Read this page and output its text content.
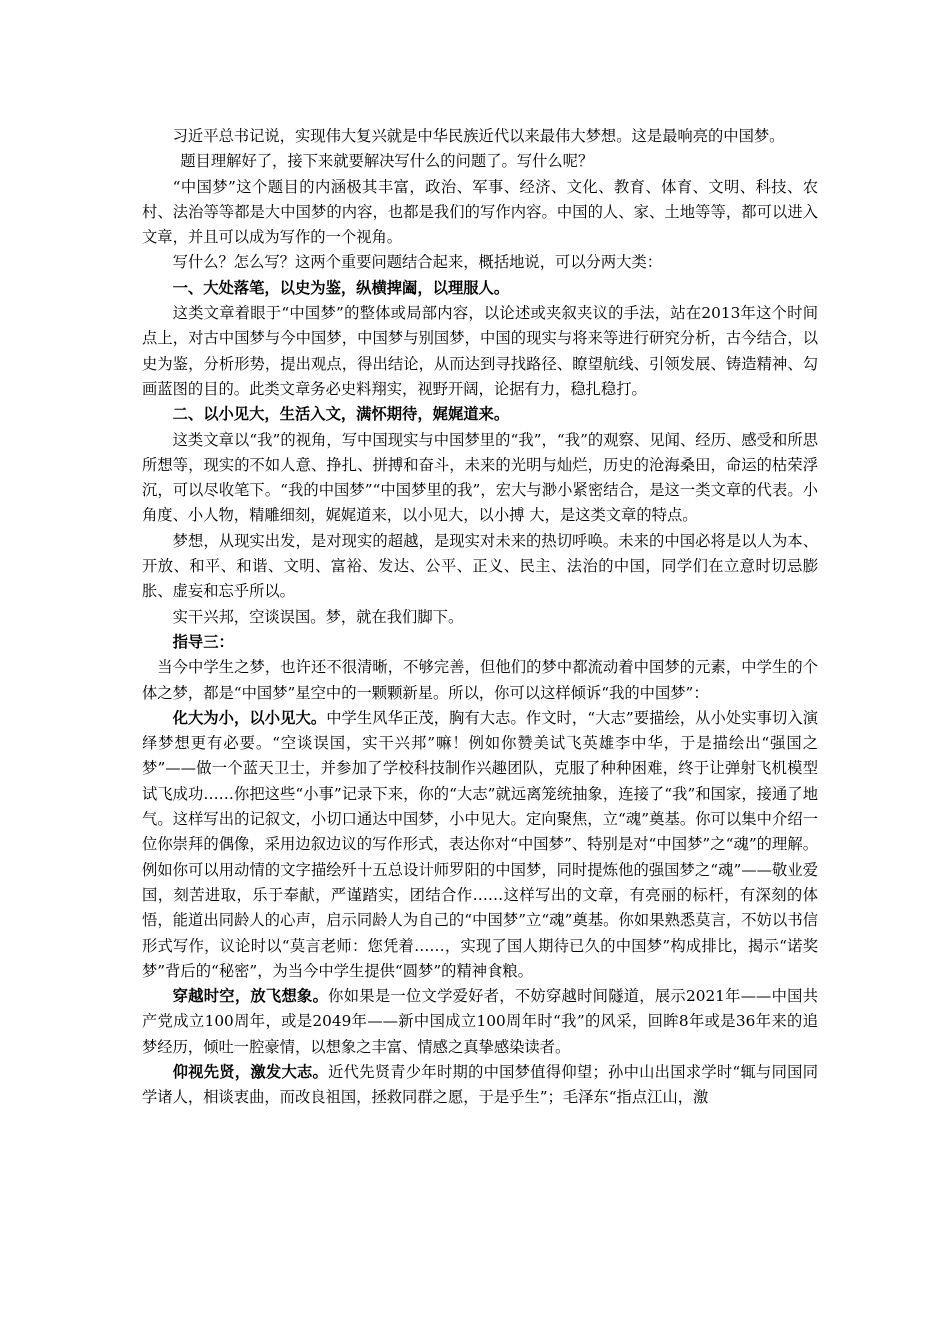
习近平总书记说，实现伟大复兴就是中华民族近代以来最伟大梦想。这是最响亮的中国梦。

题目理解好了，接下来就要解决写什么的问题了。写什么呢？

“中国梦”这个题目的内涵极其丰富，政治、军事、经济、文化、教育、体育、文明、科技、农村、法治等等都是大中国梦的内容，也都是我们的写作内容。中国的人、家、土地等等，都可以进入文章，并且可以成为写作的一个视角。

写什么？怎么写？这两个重要问题结合起来，概括地说，可以分两大类：

一、大处落笔，以史为鉴，纵横捭阖，以理服人。

这类文章着眼于“中国梦”的整体或局部内容，以论述或夹叙夹议的手法，站在2013年这个时间点上，对古中国梦与今中国梦，中国梦与别国梦，中国的现实与将来等进行研究分析，古今结合，以史为鉴，分析形势，提出观点，得出结论，从而达到寻找路径、瞭望航线、引领发展、铸造精神、勾画蓝图的目的。此类文章务必史料翔实，视野开阔，论据有力，稳扎稳打。

二、以小见大，生活入文，满怀期待，娓娓道来。

这类文章以“我”的视角，写中国现实与中国梦里的“我”，“我”的观察、见闻、经历、感受和所思所想等，现实的不如人意、挣扎、拼搏和奋斗，未来的光明与灿烂，历史的沧海桑田，命运的枯荣浮沉，可以尽收笔下。“我的中国梦”“中国梦里的我”，宏大与渺小紧密结合，是这一类文章的代表。小角度、小人物，精雕细刻，娓娓道来，以小见大，以小搏 大，是这类文章的特点。

梦想，从现实出发，是对现实的超越，是现实对未来的热切呼唤。未来的中国必将是以人为本、开放、和平、和谐、文明、富裕、发达、公平、正义、民主、法治的中国，同学们在立意时切忌膨胀、虚妄和忘乎所以。

实干兴邦，空谈误国。梦，就在我们脚下。

指导三：

当今中学生之梦，也许还不很清晰，不够完善，但他们的梦中都流动着中国梦的元素，中学生的个体之梦，都是“中国梦”星空中的一颗颗新星。所以，你可以这样倾诉“我的中国梦”：

化大为小，以小见大。中学生风华正茂，胸有大志。作文时，“大志”要描绘，从小处实事切入演绎梦想更有必要。“空谈误国，实干兴邦”嘛！例如你赞美试飞英雄李中华，于是描绘出“强国之梦”——做一个蓝天卫士，并参加了学校科技制作兴趣团队，克服了种种困难，终于让弹射飞机模型试飞成功……你把这些“小事”记录下来，你的“大志”就远离笼统抽象，连接了“我”和国家，接通了地气。这样写出的记叙文，小切口通达中国梦，小中见大。定向聚焦，立“魂”奠基。你可以集中介绍一位你崇拜的偶像，采用边叙边议的写作形式，表达你对“中国梦”、特别是对“中国梦”之“魂”的理解。例如你可以用动情的文字描绘歼十五总设计师罗阳的中国梦，同时提炼他的强国梦之“魂”——敬业爱国，刻苦进取，乐于奉献，严谨踏实，团结合作……这样写出的文章，有亮丽的标杆，有深刻的体悟，能道出同龄人的心声，启示同龄人为自己的“中国梦”立“魂”奠基。你如果熟悉莫言，不妨以书信形式写作，议论时以“莫言老师：您凭着……，实现了国人期待已久的中国梦”构成排比，揭示“诺奖梦”背后的“秘密”，为当今中学生提供“圆梦”的精神食粮。

穿越时空，放飞想象。你如果是一位文学爱好者，不妨穿越时间隧道，展示2021年——中国共产党成立100周年，或是2049年——新中国成立100周年时“我”的风采，回眸8年或是36年来的追梦经历，倾吐一腔豪情，以想象之丰富、情感之真挚感染读者。

仰视先贤，激发大志。近代先贤青少年时期的中国梦值得仰望；孙中山出国求学时“辄与同国同学诸人，相谈衷曲，而改良祖国，拯救同群之愿，于是乎生”；毛泽东“指点江山，激
